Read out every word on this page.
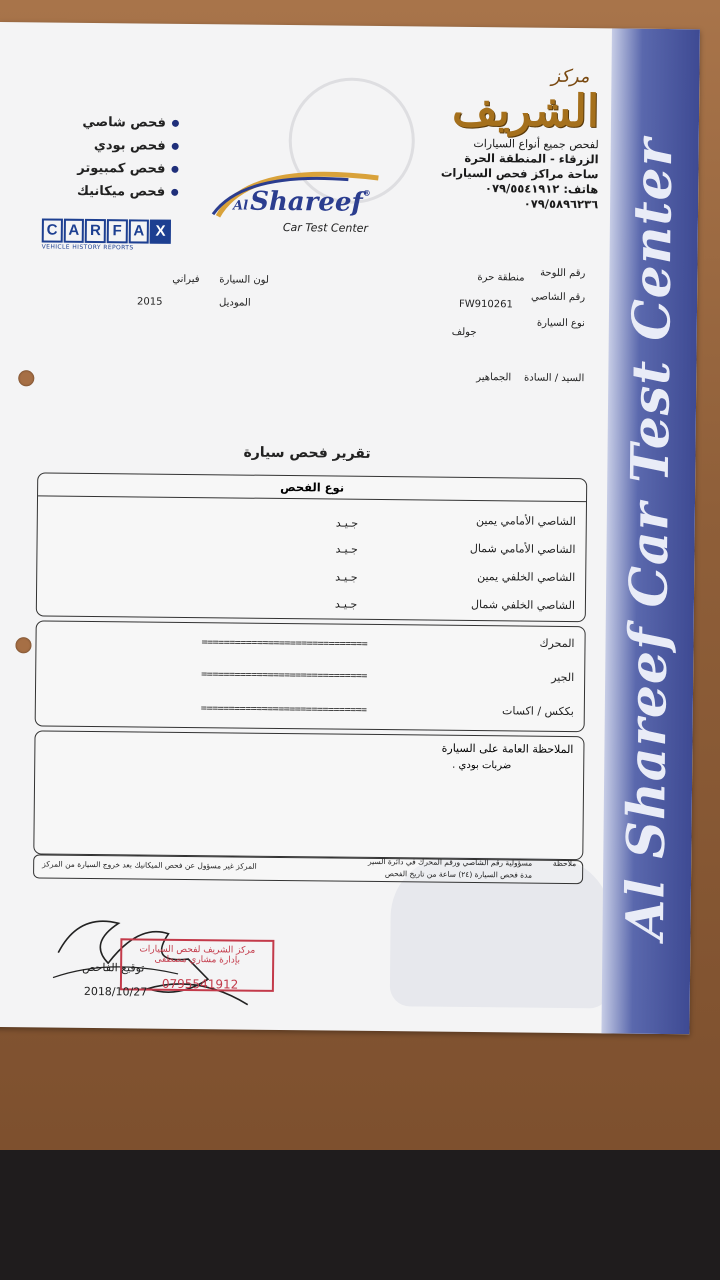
Al Shareef Car Test Center
فحص شاصي
فحص بودي
فحص كمبيوتر
فحص ميكانيك
C A R F A X
VEHICLE HISTORY REPORTS
AlShareef®
Car Test Center
مركز
الشريف
لفحص جميع أنواع السيارات
الزرقاء - المنطقة الحرة
ساحة مراكز فحص السيارات
هاتف: ٠٧٩/٥٥٤١٩١٢
٠٧٩/٥٨٩٦٢٣٦
رقم اللوحة
منطقة حرة
رقم الشاصي
FW910261
نوع السيارة
جولف
لون السيارة
فيراني
الموديل
2015
السيد / السادة
الجماهير
تقرير فحص سيارة
نوع الفحص
الشاصي الأمامي يمين
جـيـد
الشاصي الأمامي شمال
جـيـد
الشاصي الخلفي يمين
جـيـد
الشاصي الخلفي شمال
جـيـد
المحرك
==============================
الجير
==============================
بككس / اكسات
==============================
الملاحظة العامة على السيارة
ضربات بودي .
ملاحظة
مسؤولية رقم الشاصي ورقم المحرك في دائرة السير
مدة فحص السيارة (٢٤) ساعة من تاريخ الفحص
المركز غير مسؤول عن فحص الميكانيك بعد خروج السيارة من المركز
مركز الشريف لفحص السيارات
بإدارة مشاري مصطفى
0795541912
توقيع الفاحص
2018/10/27
